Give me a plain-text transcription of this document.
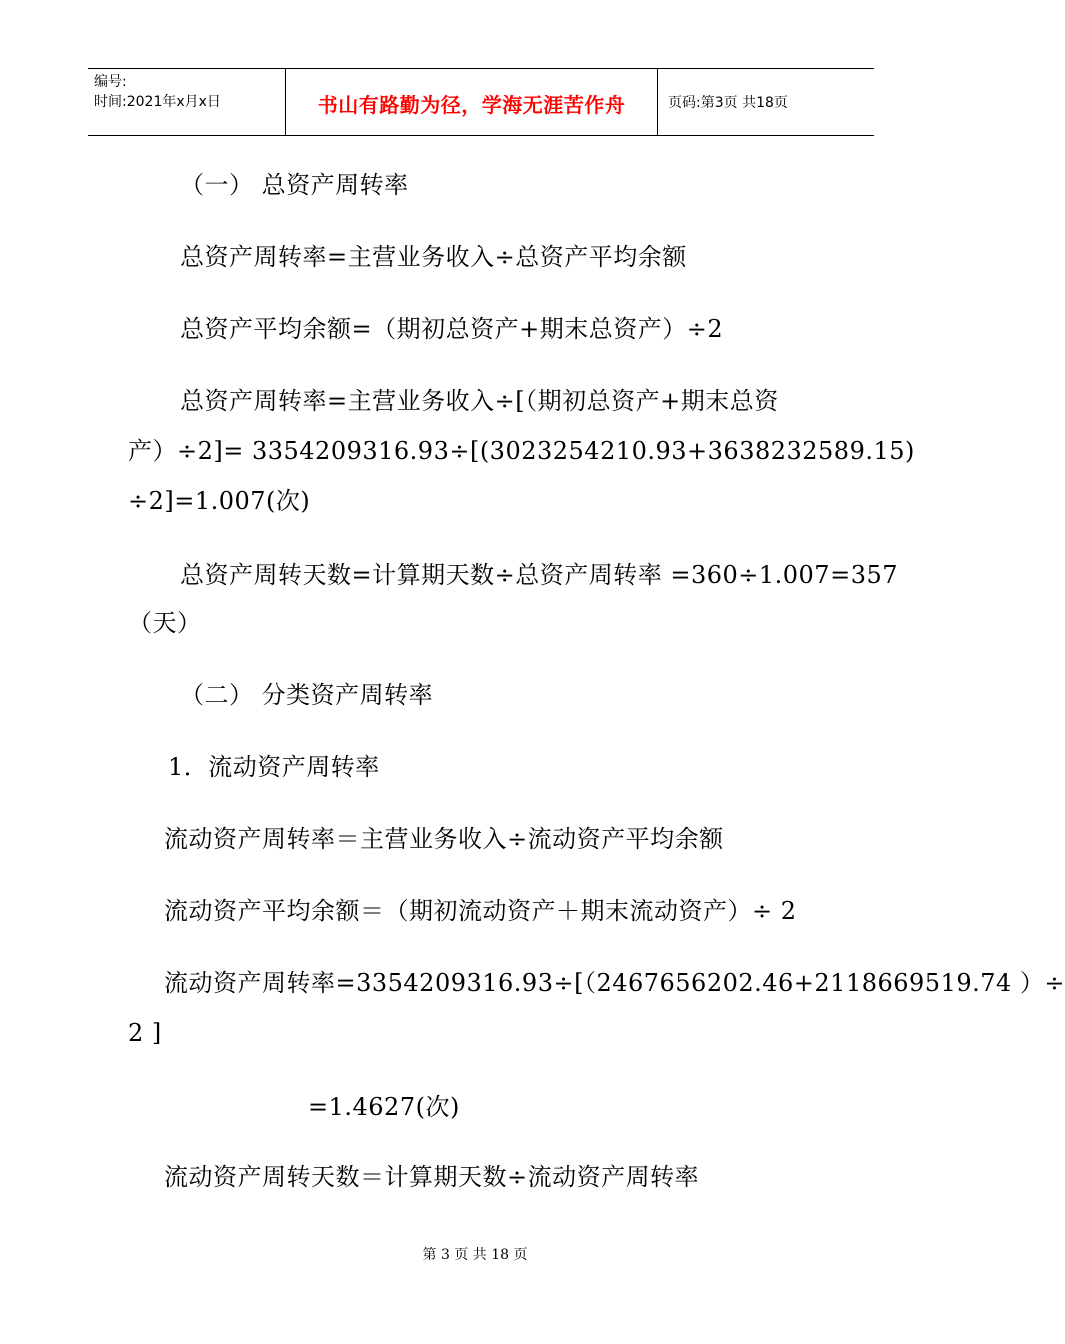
编号:
时间:2021年x月x日	书山有路勤为径，学海无涯苦作舟	页码:第3页 共18页
（一） 总资产周转率
总资产周转率=主营业务收入÷总资产平均余额
总资产平均余额=（期初总资产+期末总资产）÷2
总资产周转率=主营业务收入÷[（期初总资产+期末总资
产）÷2]= 3354209316.93÷[(3023254210.93+3638232589.15)
÷2]=1.007(次)
总资产周转天数=计算期天数÷总资产周转率 =360÷1.007=357
（天）
（二） 分类资产周转率
1．流动资产周转率
流动资产周转率＝主营业务收入÷流动资产平均余额
流动资产平均余额＝（期初流动资产＋期末流动资产）÷ 2
流动资产周转率=3354209316.93÷[（2467656202.46+2118669519.74 ）÷
2 ]
=1.4627(次)
流动资产周转天数＝计算期天数÷流动资产周转率
第 3 页 共 18 页
